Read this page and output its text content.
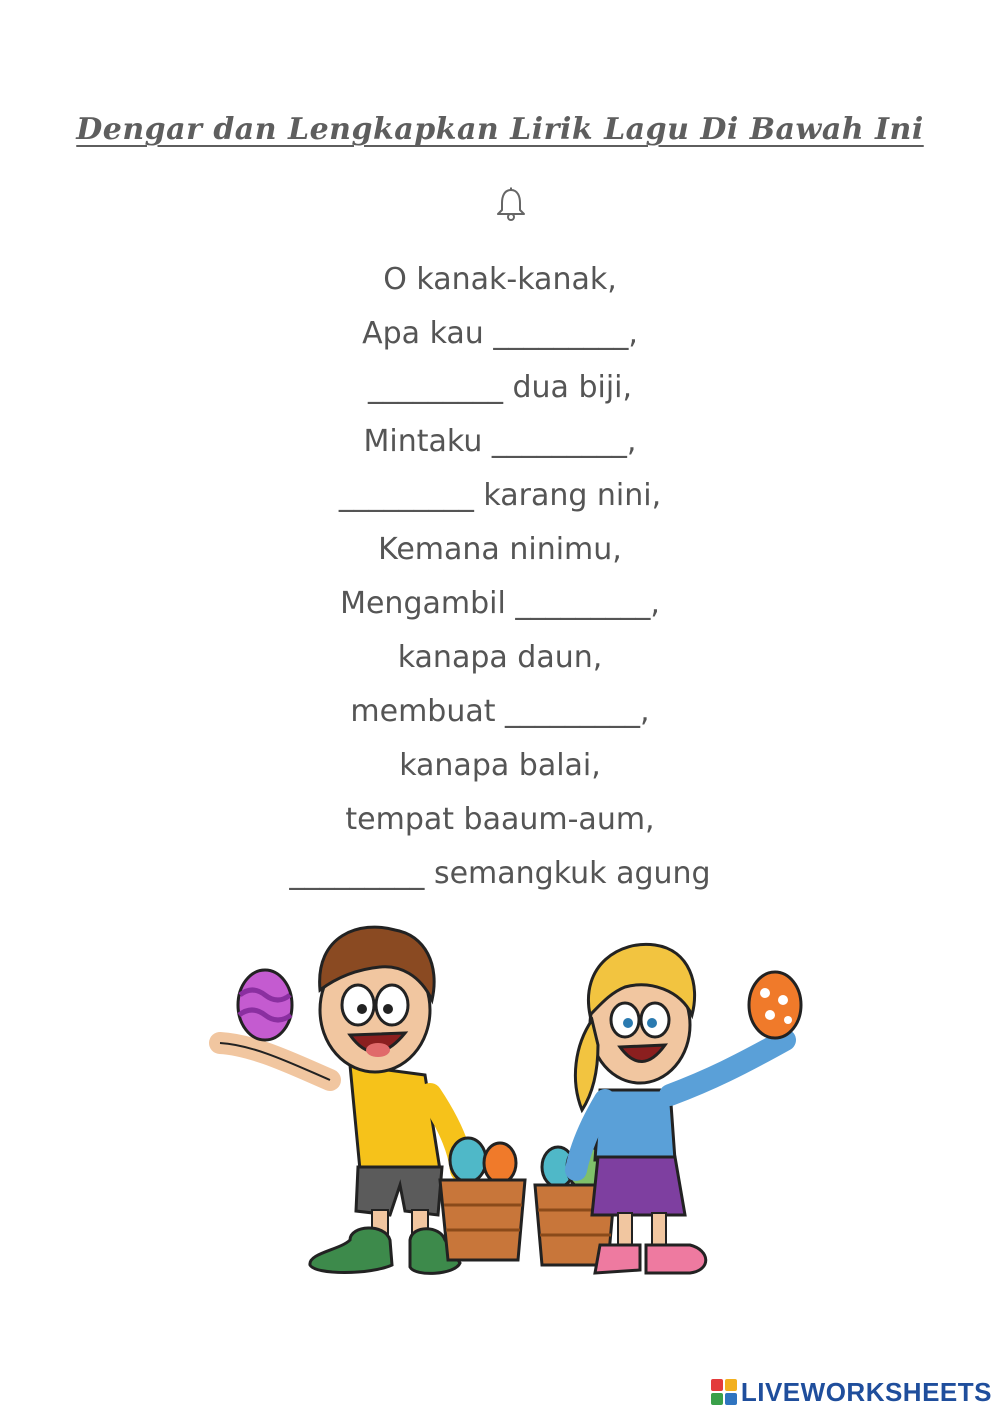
Dengar dan Lengkapkan Lirik Lagu Di Bawah Ini
O kanak-kanak,
Apa kau _________,
_________ dua biji,
Mintaku _________,
_________ karang nini,
Kemana ninimu,
Mengambil _________,
kanapa daun,
membuat _________,
kanapa balai,
tempat baaum-aum,
_________ semangkuk agung
LIVEWORKSHEETS
